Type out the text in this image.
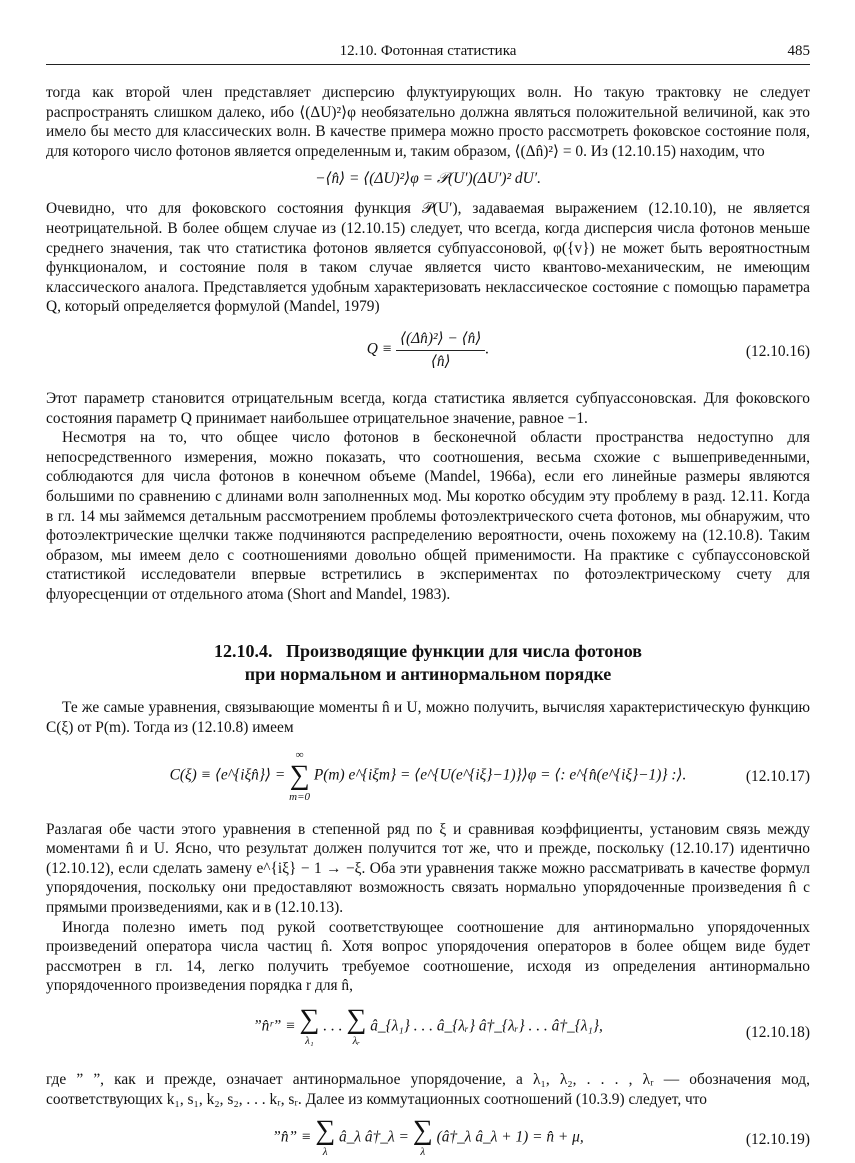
12.10. Фотонная статистика	485

тогда как второй член представляет дисперсию флуктуирующих волн. Но такую трактовку не следует распространять слишком далеко, ибо ⟨(ΔU)²⟩φ необязательно должна являться положительной величиной, как это имело бы место для классических волн. В качестве примера можно просто рассмотреть фоковское состояние поля, для которого число фотонов является определенным и, таким образом, ⟨(Δn̂)²⟩ = 0. Из (12.10.15) находим, что

−⟨n̂⟩ = ⟨(ΔU)²⟩φ = 𝒫(U′)(ΔU′)² dU′.

Очевидно, что для фоковского состояния функция 𝒫(U′), задаваемая выражением (12.10.10), не является неотрицательной. В более общем случае из (12.10.15) следует, что всегда, когда дисперсия числа фотонов меньше среднего значения, так что статистика фотонов является субпуассоновой, φ({v}) не может быть вероятностным функционалом, и состояние поля в таком случае является чисто квантово-механическим, не имеющим классического аналога. Представляется удобным характеризовать неклассическое состояние с помощью параметра Q, который определяется формулой (Mandel, 1979)

$Q \equiv \frac{\text{⟨(Δn̂)²⟩ − ⟨n̂⟩}}{⟨n̂⟩}$ .	(12.10.16)

Этот параметр становится отрицательным всегда, когда статистика является субпуассоновская. Для фоковского состояния параметр Q принимает наибольшее отрицательное значение, равное −1.

Несмотря на то, что общее число фотонов в бесконечной области пространства недоступно для непосредственного измерения, можно показать, что соотношения, весьма схожие с вышеприведенными, соблюдаются для числа фотонов в конечном объеме (Mandel, 1966а), если его линейные размеры являются большими по сравнению с длинами волн заполненных мод. Мы коротко обсудим эту проблему в разд. 12.11. Когда в гл. 14 мы займемся детальным рассмотрением проблемы фотоэлектрического счета фотонов, мы обнаружим, что фотоэлектрические щелчки также подчиняются распределению вероятности, очень похожему на (12.10.8). Таким образом, мы имеем дело с соотношениями довольно общей применимости. На практике с субпауссоновской статистикой исследователи впервые встретились в экспериментах по фотоэлектрическому счету для флуоресценции от отдельного атома (Short and Mandel, 1983).

12.10.4. Производящие функции для числа фотонов
при нормальном и антинормальном порядке

Те же самые уравнения, связывающие моменты n̂ и U, можно получить, вычисляя характеристическую функцию C(ξ) от P(m). Тогда из (12.10.8) имеем

C(ξ) ≡ ⟨e^{iξn̂}⟩ =
∞
∑
m=0
P(m) e^{iξm} = ⟨e^{U(e^{iξ}−1)}⟩φ = ⟨: e^{n̂(e^{iξ}−1)} :⟩.	(12.10.17)

Разлагая обе части этого уравнения в степенной ряд по ξ и сравнивая коэффициенты, установим связь между моментами n̂ и U. Ясно, что результат должен получится тот же, что и прежде, поскольку (12.10.17) идентично (12.10.12), если сделать замену e^{iξ} − 1 → −ξ. Оба эти уравнения также можно рассматривать в качестве формул упорядочения, поскольку они предоставляют возможность связать нормально упорядоченные произведения n̂ с прямыми произведениями, как и в (12.10.13).

Иногда полезно иметь под рукой соответствующее соотношение для антинормально упорядоченных произведений оператора числа частиц n̂. Хотя вопрос упорядочения операторов в более общем виде будет рассмотрен в гл. 14, легко получить требуемое соотношение, исходя из определения антинормально упорядоченного произведения порядка r для n̂,

”n̂ʳ” ≡ ∑
λ₁
. . . ∑
λᵣ
â_{λ₁} . . . â_{λᵣ} â†_{λᵣ} . . . â†_{λ₁},	(12.10.18)

где ” ”, как и прежде, означает антинормальное упорядочение, а λ₁, λ₂, . . . , λᵣ — обозначения мод, соответствующих k₁, s₁, k₂, s₂, . . . kᵣ, sᵣ. Далее из коммутационных соотношений (10.3.9) следует, что

”n̂” ≡ ∑
λ
â_λ â†_λ = ∑
λ
(â†_λ â_λ + 1) = n̂ + μ,	(12.10.19)
